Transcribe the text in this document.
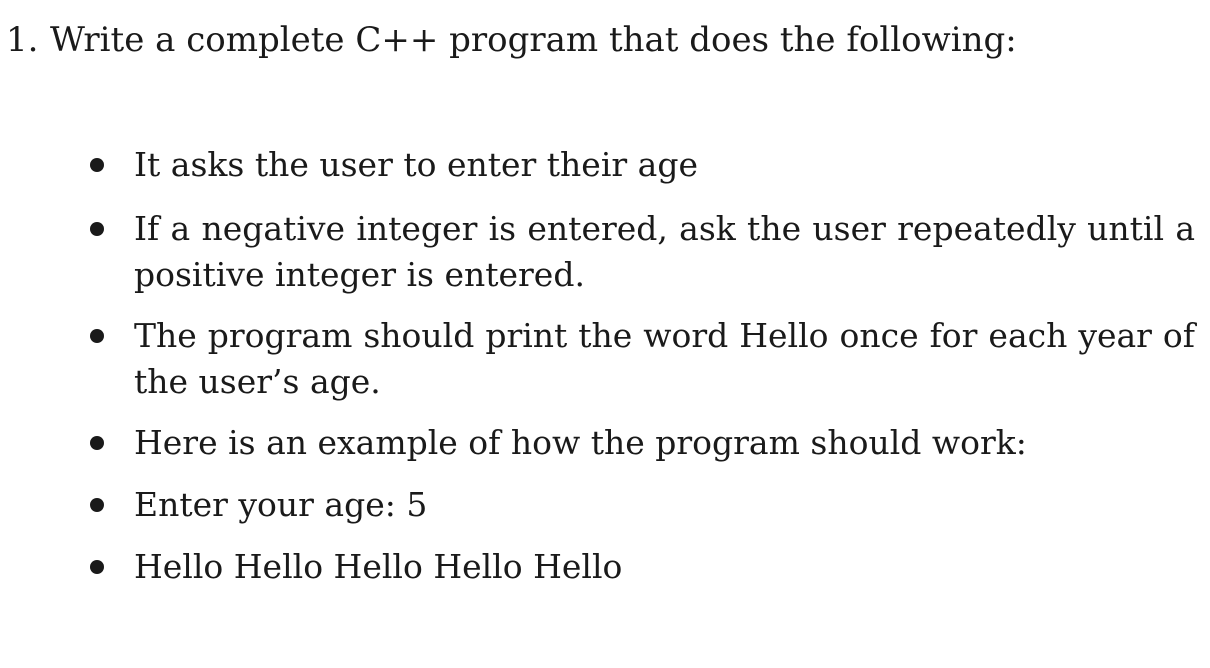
1. Write a complete C++ program that does the following:
It asks the user to enter their age
If a negative integer is entered, ask the user repeatedly until a positive integer is entered.
The program should print the word Hello once for each year of the user’s age.
Here is an example of how the program should work:
Enter your age: 5
Hello Hello Hello Hello Hello
